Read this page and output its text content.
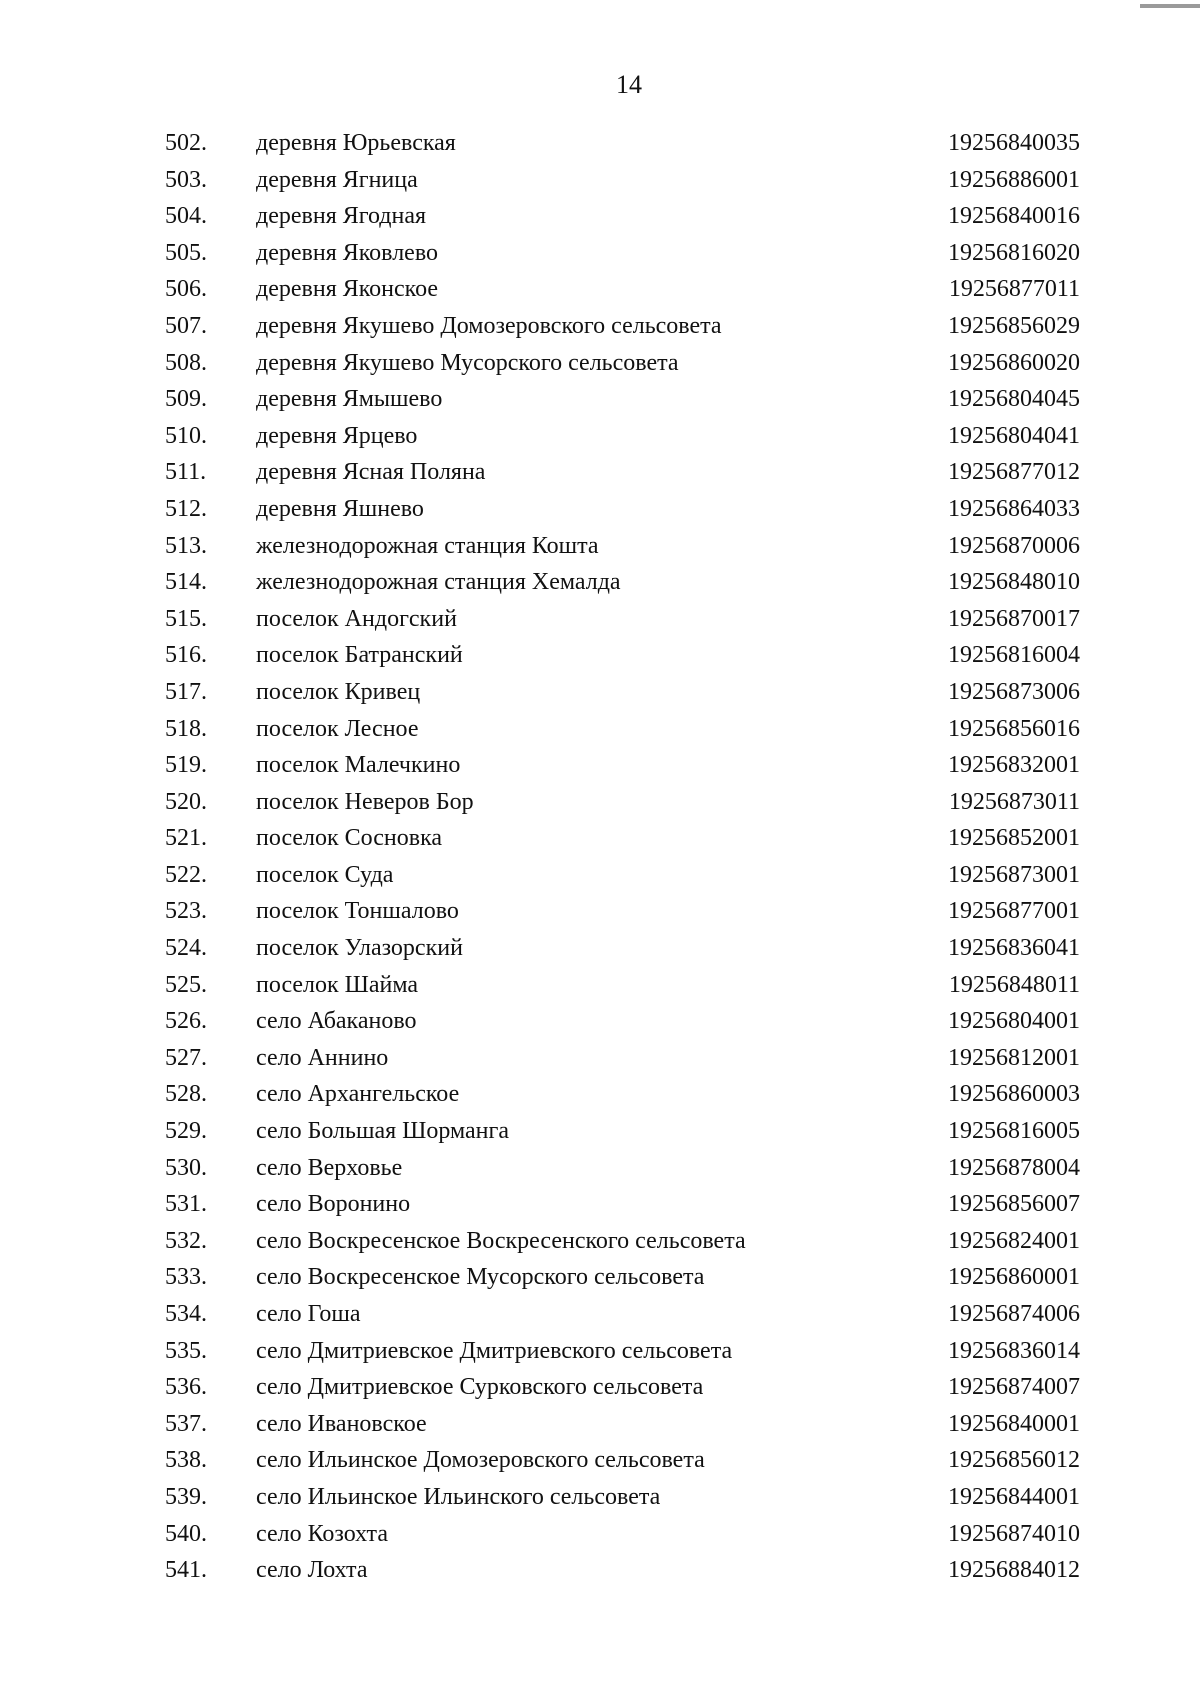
14
502.	деревня Юрьевская	19256840035
503.	деревня Ягница	19256886001
504.	деревня Ягодная	19256840016
505.	деревня Яковлево	19256816020
506.	деревня Яконское	19256877011
507.	деревня Якушево Домозеровского сельсовета	19256856029
508.	деревня Якушево Мусорского сельсовета	19256860020
509.	деревня Ямышево	19256804045
510.	деревня Ярцево	19256804041
511.	деревня Ясная Поляна	19256877012
512.	деревня Яшнево	19256864033
513.	железнодорожная станция Кошта	19256870006
514.	железнодорожная станция Хемалда	19256848010
515.	поселок Андогский	19256870017
516.	поселок Батранский	19256816004
517.	поселок Кривец	19256873006
518.	поселок Лесное	19256856016
519.	поселок Малечкино	19256832001
520.	поселок Неверов Бор	19256873011
521.	поселок Сосновка	19256852001
522.	поселок Суда	19256873001
523.	поселок Тоншалово	19256877001
524.	поселок Улазорский	19256836041
525.	поселок Шайма	19256848011
526.	село Абаканово	19256804001
527.	село Аннино	19256812001
528.	село Архангельское	19256860003
529.	село Большая Шорманга	19256816005
530.	село Верховье	19256878004
531.	село Воронино	19256856007
532.	село Воскресенское Воскресенского сельсовета	19256824001
533.	село Воскресенское Мусорского сельсовета	19256860001
534.	село Гоша	19256874006
535.	село Дмитриевское Дмитриевского сельсовета	19256836014
536.	село Дмитриевское Сурковского сельсовета	19256874007
537.	село Ивановское	19256840001
538.	село Ильинское Домозеровского сельсовета	19256856012
539.	село Ильинское Ильинского сельсовета	19256844001
540.	село Козохта	19256874010
541.	село Лохта	19256884012
